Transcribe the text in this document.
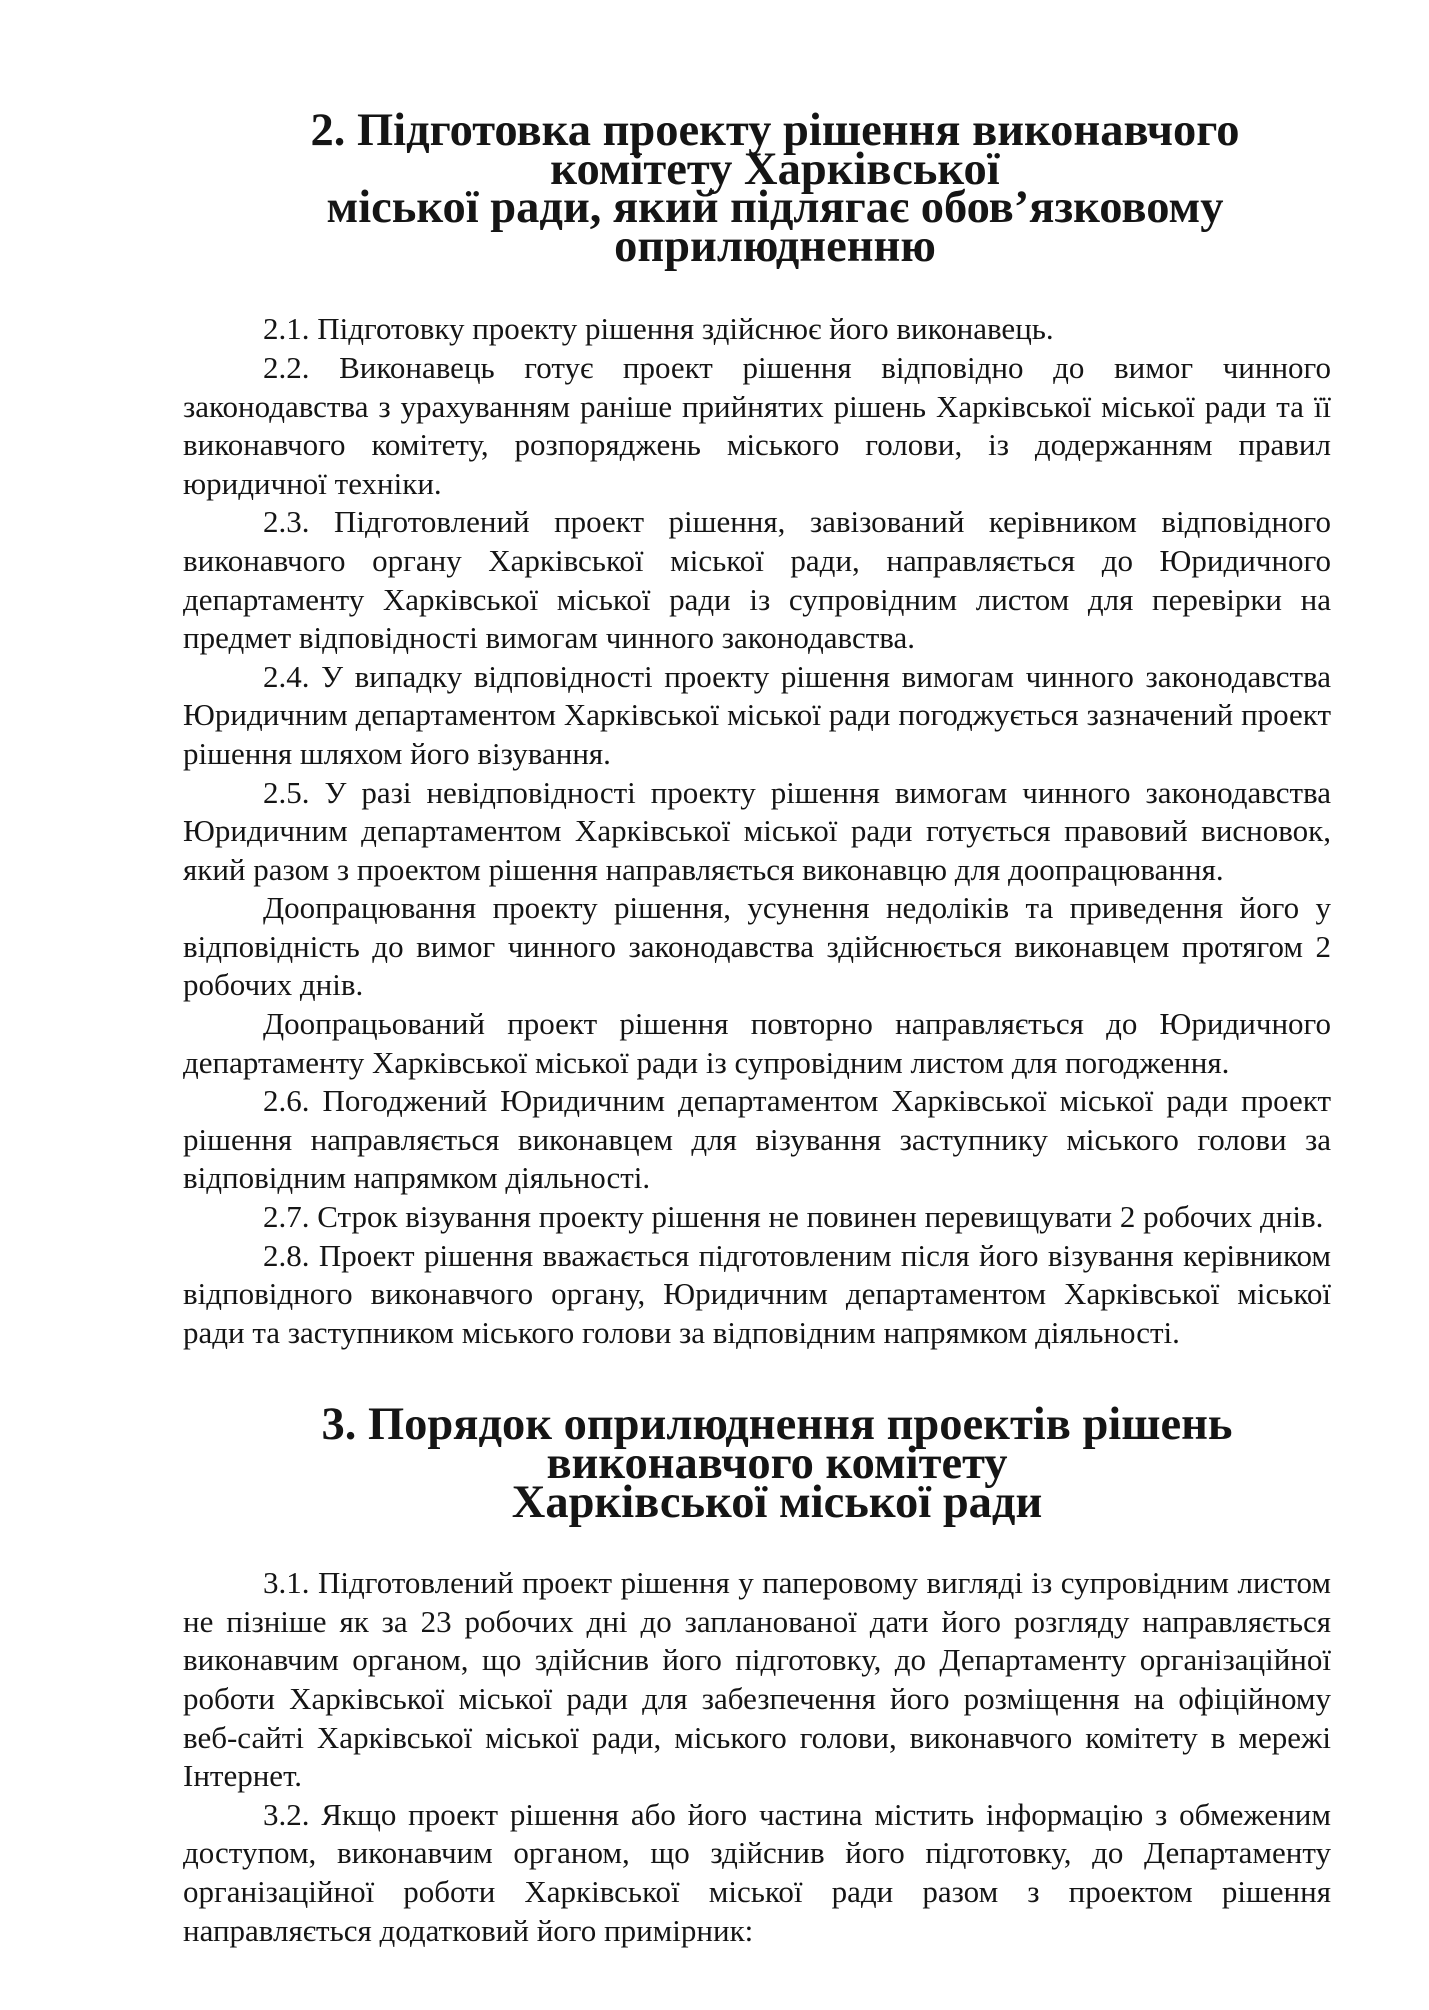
2. Підготовка проекту рішення виконавчого комітету Харківської
міської ради, який підлягає обов’язковому оприлюдненню

2.1. Підготовку проекту рішення здійснює його виконавець.

2.2. Виконавець готує проект рішення відповідно до вимог чинного законодавства з урахуванням раніше прийнятих рішень Харківської міської ради та її виконавчого комітету, розпоряджень міського голови, із додержанням правил юридичної техніки.

2.3. Підготовлений проект рішення, завізований керівником відповідного виконавчого органу Харківської міської ради, направляється до Юридичного департаменту Харківської міської ради із супровідним листом для перевірки на предмет відповідності вимогам чинного законодавства.

2.4. У випадку відповідності проекту рішення вимогам чинного законодавства Юридичним департаментом Харківської міської ради погоджується зазначений проект рішення шляхом його візування.

2.5. У разі невідповідності проекту рішення вимогам чинного законодавства Юридичним департаментом Харківської міської ради готується правовий висновок, який разом з проектом рішення направляється виконавцю для доопрацювання.

Доопрацювання проекту рішення, усунення недоліків та приведення його у відповідність до вимог чинного законодавства здійснюється виконавцем протягом 2 робочих днів.

Доопрацьований проект рішення повторно направляється до Юридичного департаменту Харківської міської ради із супровідним листом для погодження.

2.6. Погоджений Юридичним департаментом Харківської міської ради проект рішення направляється виконавцем для візування заступнику міського голови за відповідним напрямком діяльності.

2.7. Строк візування проекту рішення не повинен перевищувати 2 робочих днів.

2.8. Проект рішення вважається підготовленим після його візування керівником відповідного виконавчого органу, Юридичним департаментом Харківської міської ради та заступником міського голови за відповідним напрямком діяльності.

3. Порядок оприлюднення проектів рішень виконавчого комітету
Харківської міської ради

3.1. Підготовлений проект рішення у паперовому вигляді із супровідним листом не пізніше як за 23 робочих дні до запланованої дати його розгляду направляється виконавчим органом, що здійснив його підготовку, до Департаменту організаційної роботи Харківської міської ради для забезпечення його розміщення на офіційному веб-сайті Харківської міської ради, міського голови, виконавчого комітету в мережі Інтернет.

3.2. Якщо проект рішення або його частина містить інформацію з обмеженим доступом, виконавчим органом, що здійснив його підготовку, до Департаменту організаційної роботи Харківської міської ради разом з проектом рішення направляється додатковий його примірник:
